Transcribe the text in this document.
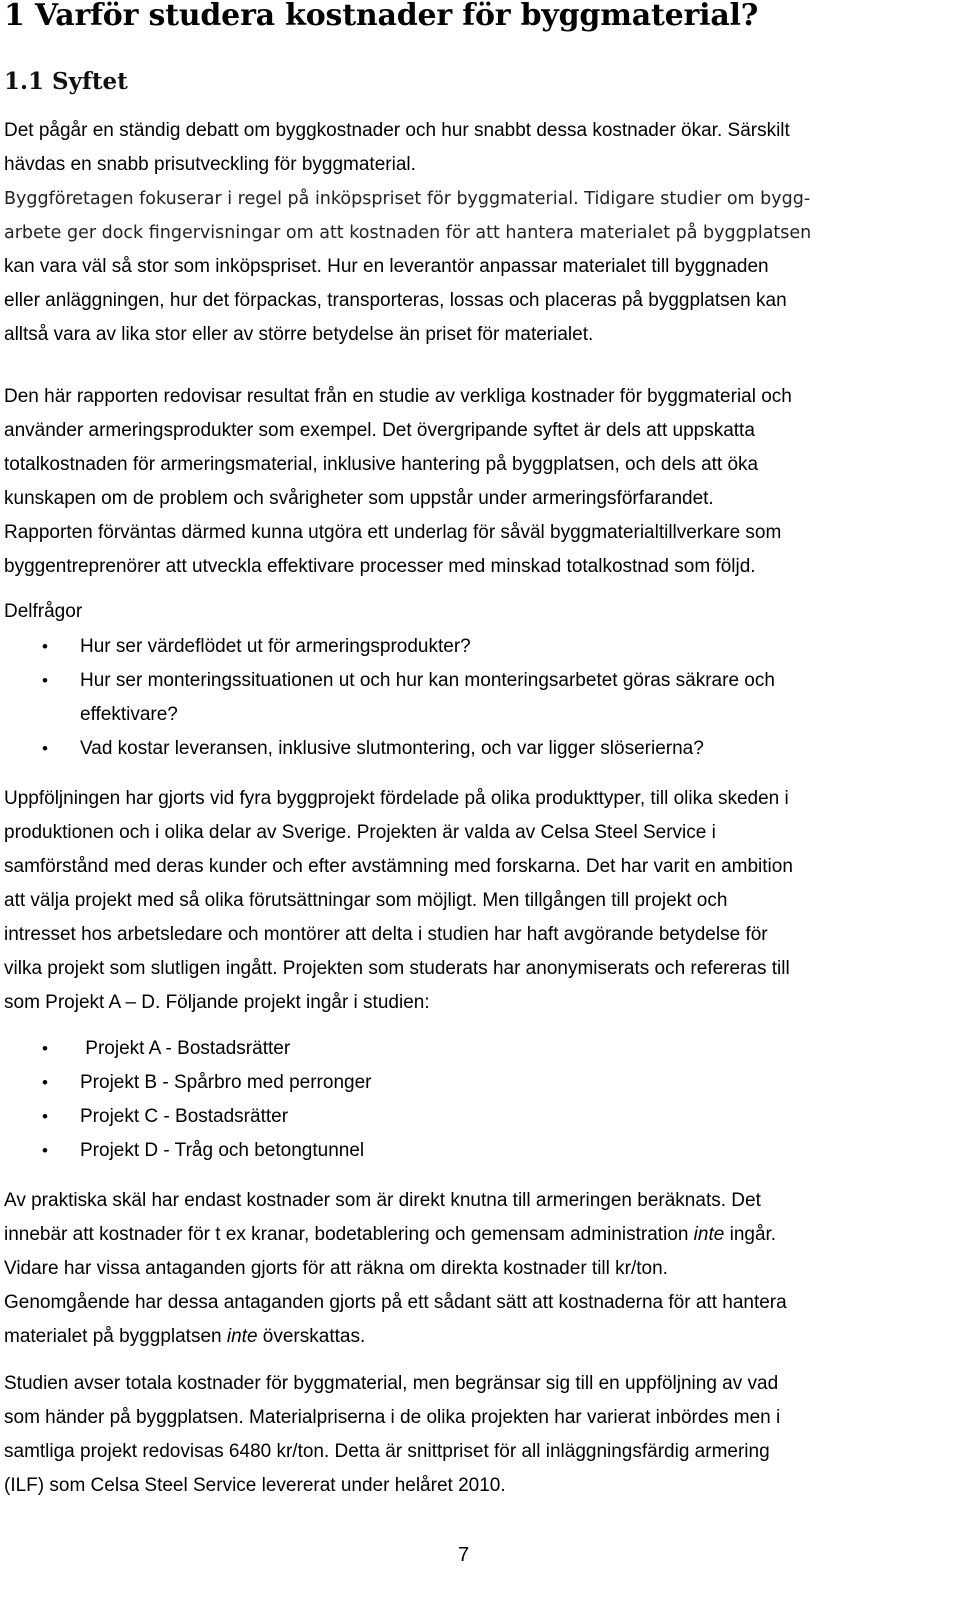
1 Varför studera kostnader för byggmaterial?
1.1 Syftet
Det pågår en ständig debatt om byggkostnader och hur snabbt dessa kostnader ökar. Särskilt
hävdas en snabb prisutveckling för byggmaterial.
Byggföretagen fokuserar i regel på inköpspriset för byggmaterial. Tidigare studier om bygg-
arbete ger dock fingervisningar om att kostnaden för att hantera materialet på byggplatsen
kan vara väl så stor som inköpspriset. Hur en leverantör anpassar materialet till byggnaden
eller anläggningen, hur det förpackas, transporteras, lossas och placeras på byggplatsen kan
alltså vara av lika stor eller av större betydelse än priset för materialet.
Den här rapporten redovisar resultat från en studie av verkliga kostnader för byggmaterial och
använder armeringsprodukter som exempel. Det övergripande syftet är dels att uppskatta
totalkostnaden för armeringsmaterial, inklusive hantering på byggplatsen, och dels att öka
kunskapen om de problem och svårigheter som uppstår under armeringsförfarandet.
Rapporten förväntas därmed kunna utgöra ett underlag för såväl byggmaterialtillverkare som
byggentreprenörer att utveckla effektivare processer med minskad totalkostnad som följd.
Delfrågor
• Hur ser värdeflödet ut för armeringsprodukter?
• Hur ser monteringssituationen ut och hur kan monteringsarbetet göras säkrare och
effektivare?
• Vad kostar leveransen, inklusive slutmontering, och var ligger slöserierna?
Uppföljningen har gjorts vid fyra byggprojekt fördelade på olika produkttyper, till olika skeden i
produktionen och i olika delar av Sverige. Projekten är valda av Celsa Steel Service i
samförstånd med deras kunder och efter avstämning med forskarna. Det har varit en ambition
att välja projekt med så olika förutsättningar som möjligt. Men tillgången till projekt och
intresset hos arbetsledare och montörer att delta i studien har haft avgörande betydelse för
vilka projekt som slutligen ingått. Projekten som studerats har anonymiserats och refereras till
som Projekt A – D. Följande projekt ingår i studien:
• Projekt A - Bostadsrätter
• Projekt B - Spårbro med perronger
• Projekt C - Bostadsrätter
• Projekt D - Tråg och betongtunnel
Av praktiska skäl har endast kostnader som är direkt knutna till armeringen beräknats. Det
innebär att kostnader för t ex kranar, bodetablering och gemensam administration inte ingår.
Vidare har vissa antaganden gjorts för att räkna om direkta kostnader till kr/ton.
Genomgående har dessa antaganden gjorts på ett sådant sätt att kostnaderna för att hantera
materialet på byggplatsen inte överskattas.
Studien avser totala kostnader för byggmaterial, men begränsar sig till en uppföljning av vad
som händer på byggplatsen. Materialpriserna i de olika projekten har varierat inbördes men i
samtliga projekt redovisas 6480 kr/ton. Detta är snittpriset för all inläggningsfärdig armering
(ILF) som Celsa Steel Service levererat under helåret 2010.
7
